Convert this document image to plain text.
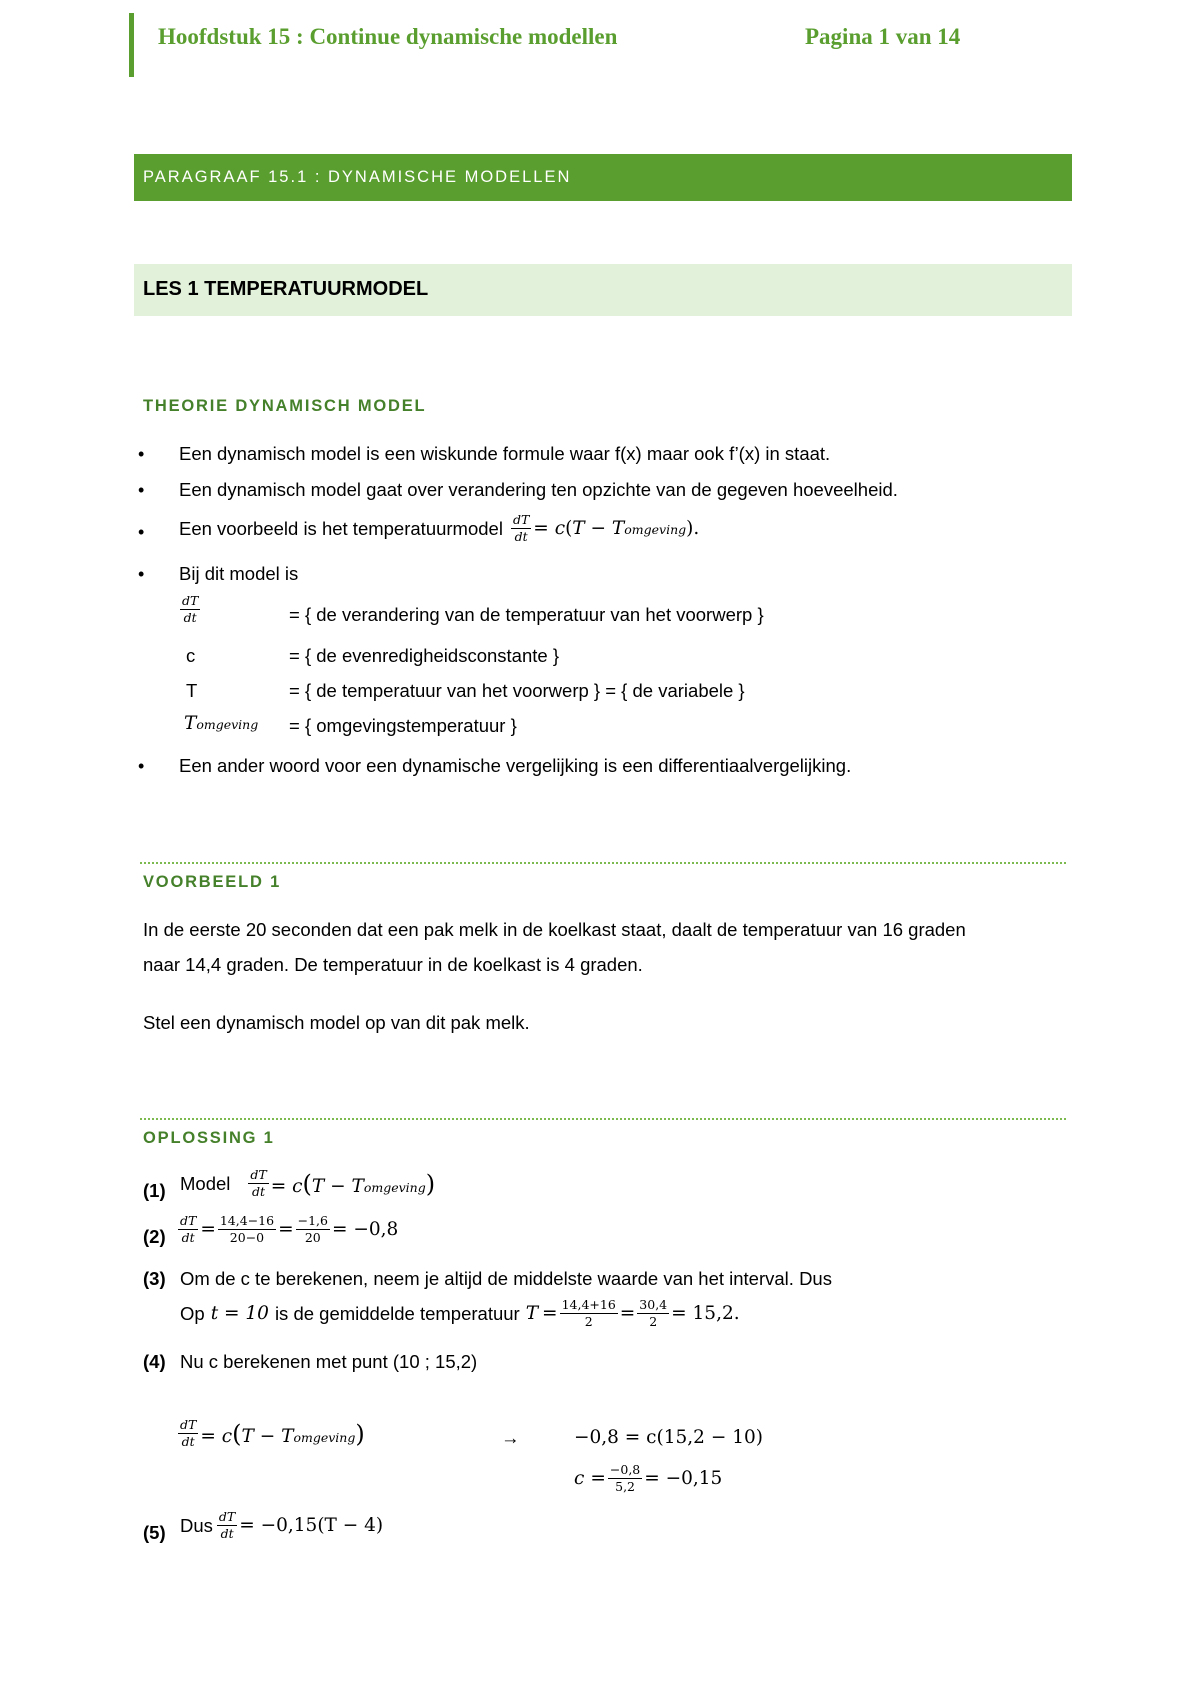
Hoofdstuk 15 : Continue dynamische modellen	Pagina 1 van 14
PARAGRAAF 15.1 : DYNAMISCHE MODELLEN
LES 1 TEMPERATUURMODEL
THEORIE DYNAMISCH MODEL
• Een dynamisch model is een wiskunde formule waar f(x) maar ook f’(x) in staat.
• Een dynamisch model gaat over verandering ten opzichte van de gegeven hoeveelheid.
• Een voorbeeld is het temperatuurmodel $\frac{dT}{dt} = c(T$ − Tomgeving).
• Bij dit model is
$\frac{dT}{dt}$	= { de verandering van de temperatuur van het voorwerp }
c	= { de evenredigheidsconstante }
T	= { de temperatuur van het voorwerp } = { de variabele }
Tomgeving = { omgevingstemperatuur }
• Een ander woord voor een dynamische vergelijking is een differentiaalvergelijking.
VOORBEELD 1
In de eerste 20 seconden dat een pak melk in de koelkast staat, daalt de temperatuur van 16 graden
naar 14,4 graden. De temperatuur in de koelkast is 4 graden.
Stel een dynamisch model op van dit pak melk.
OPLOSSING 1
(1) Model $\frac{dT}{dt} = c(T$ − Tomgeving)
$(2) \frac{dT}{dt} = \frac{14,4-16}{20-0} = \frac{-1,6}{20} = -0,8$
(3) Om de c te berekenen, neem je altijd de middelste waarde van het interval. Dus
Op t = 10 is de gemiddelde temperatuur $T = \frac{14,4+16}{2} = \frac{30,4}{2} = 15,2$.
(4) Nu c berekenen met punt (10 ; 15,2)
$\frac{dT}{dt} = c(T$ − Tomgeving)	→	−0,8 = c(15,2 − 10)
$c = \frac{-0,8}{5,2} = -0,15$
(5) Dus $\frac{dT}{dt} = -0,15(T - 4)$
